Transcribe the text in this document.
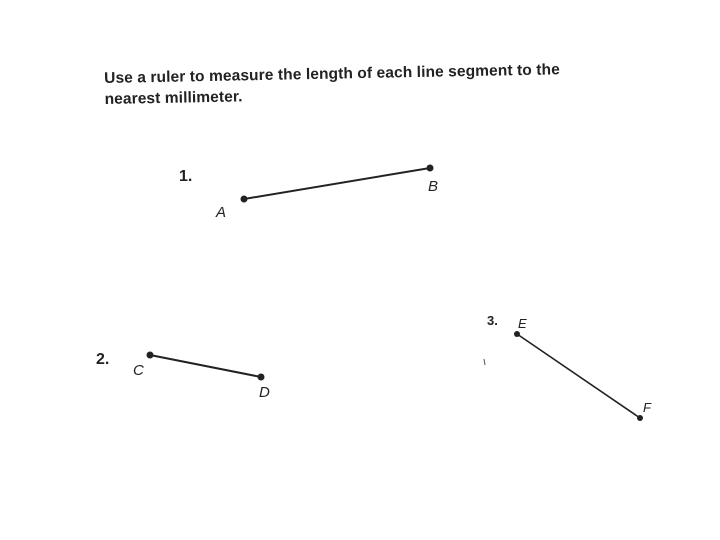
Use a ruler to measure the length of each line segment to the
nearest millimeter.
1.
A
B
2.
C
D
3. E
F
